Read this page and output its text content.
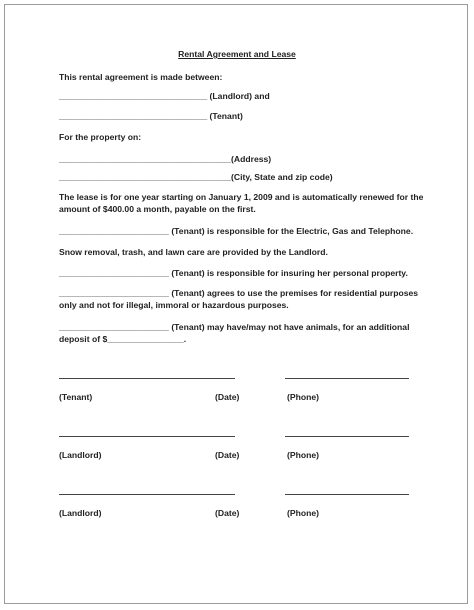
Rental Agreement and Lease
This rental agreement is made between:
_______________________________ (Landlord) and
_______________________________ (Tenant)
For the property on:
____________________________________(Address)
____________________________________(City, State and zip code)
The lease is for one year starting on January 1, 2009 and is automatically renewed for the
amount of $400.00 a month, payable on the first.
_______________________ (Tenant) is responsible for the Electric, Gas and Telephone.
Snow removal, trash, and lawn care are provided by the Landlord.
_______________________ (Tenant) is responsible for insuring her personal property.
_______________________ (Tenant) agrees to use the premises for residential purposes
only and not for illegal, immoral or hazardous purposes.
_______________________ (Tenant) may have/may not have animals, for an additional
deposit of $________________.
(Tenant)	(Date)	(Phone)
(Landlord)	(Date)	(Phone)
(Landlord)	(Date)	(Phone)
